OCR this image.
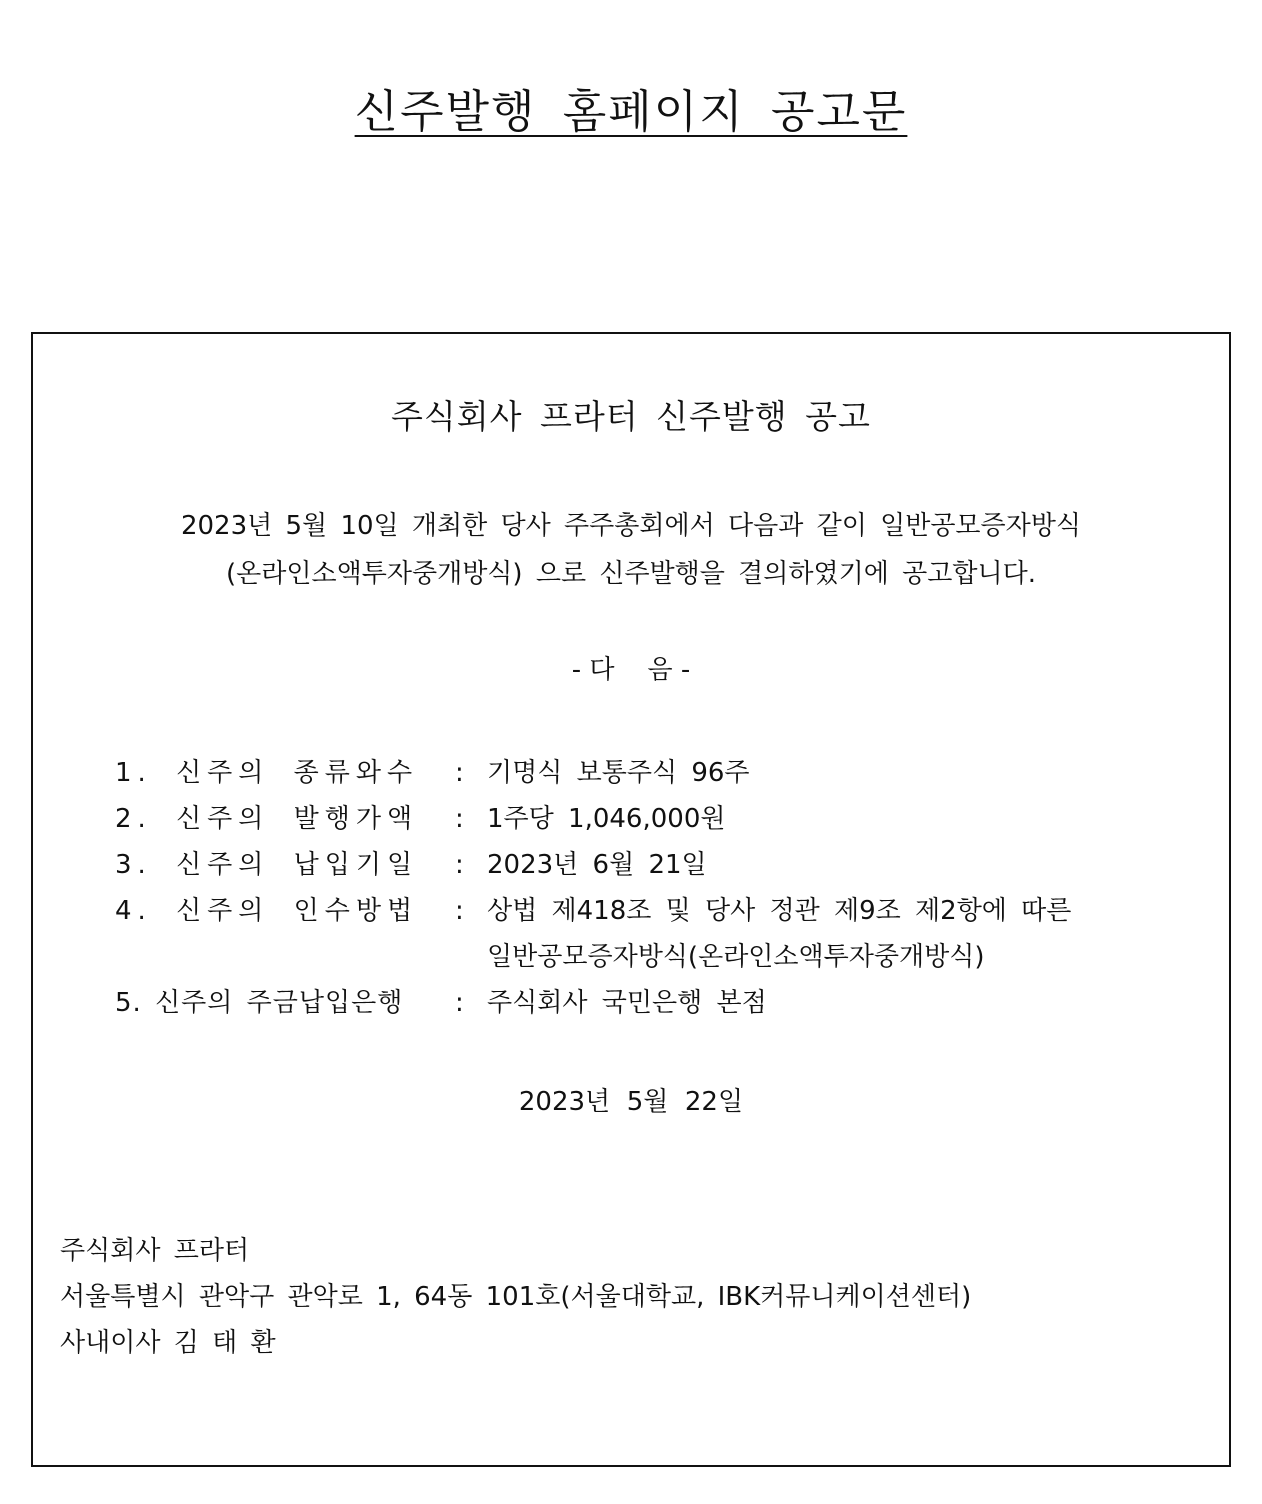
신주발행 홈페이지 공고문
주식회사 프라터 신주발행 공고
2023년 5월 10일 개최한 당사 주주총회에서 다음과 같이 일반공모증자방식
(온라인소액투자중개방식) 으로 신주발행을 결의하였기에 공고합니다.
- 다    음 -
1. 신주의 종류와수	: 기명식 보통주식 96주
2. 신주의 발행가액	: 1주당 1,046,000원
3. 신주의 납입기일	: 2023년 6월 21일
4. 신주의 인수방법	: 상법 제418조 및 당사 정관 제9조 제2항에 따른
일반공모증자방식(온라인소액투자중개방식)
5. 신주의 주금납입은행	: 주식회사 국민은행 본점
2023년  5월  22일
주식회사 프라터
서울특별시 관악구 관악로 1, 64동 101호(서울대학교, IBK커뮤니케이션센터)
사내이사 김 태 환
